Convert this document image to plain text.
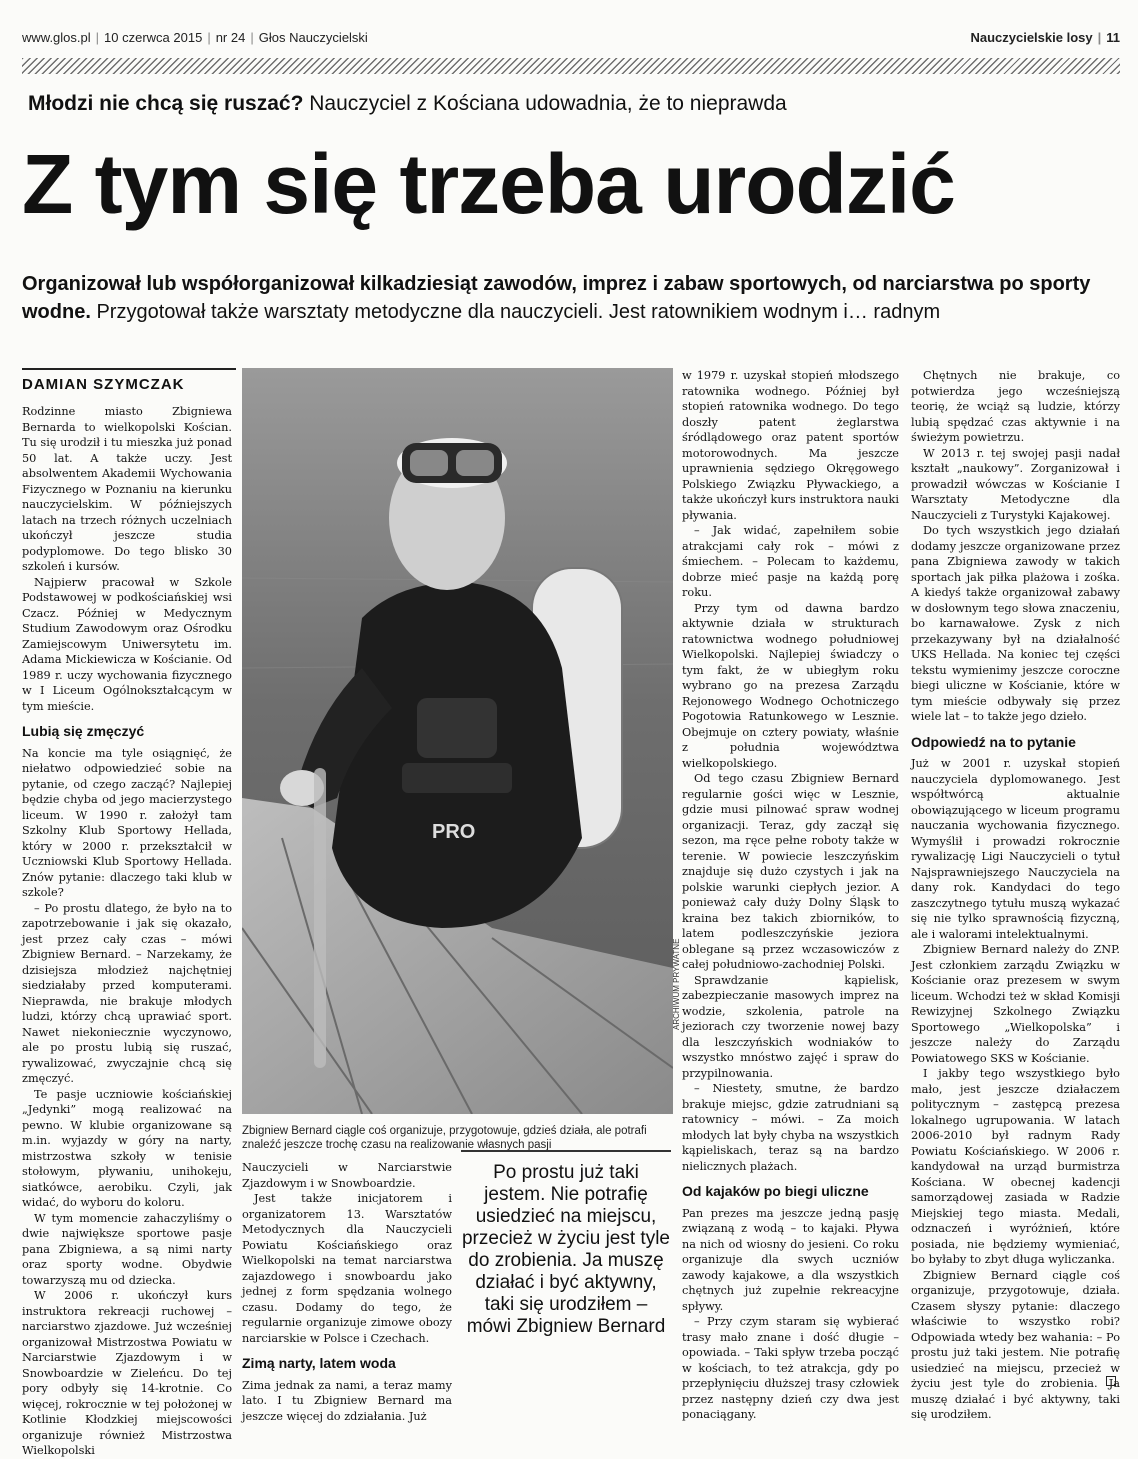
www.glos.pl | 10 czerwca 2015 | nr 24 | Głos Nauczycielski	Nauczycielskie losy | 11
Młodzi nie chcą się ruszać? Nauczyciel z Kościana udowadnia, że to nieprawda
Z tym się trzeba urodzić
Organizował lub współorganizował kilkadziesiąt zawodów, imprez i zabaw sportowych, od narciarstwa po sporty wodne. Przygotował także warsztaty metodyczne dla nauczycieli. Jest ratownikiem wodnym i… radnym
DAMIAN SZYMCZAK

Rodzinne miasto Zbigniewa Bernarda to wielkopolski Kościan. Tu się urodził i tu mieszka już ponad 50 lat. A także uczy. Jest absolwentem Akademii Wychowania Fizycznego w Poznaniu na kierunku nauczycielskim. W późniejszych latach na trzech różnych uczelniach ukończył jeszcze studia podyplomowe. Do tego blisko 30 szkoleń i kursów.

Najpierw pracował w Szkole Podstawowej w podkościańskiej wsi Czacz. Później w Medycznym Studium Zawodowym oraz Ośrodku Zamiejscowym Uniwersytetu im. Adama Mickiewicza w Kościanie. Od 1989 r. uczy wychowania fizycznego w I Liceum Ogólnokształcącym w tym mieście.

Lubią się zmęczyć

Na koncie ma tyle osiągnięć, że niełatwo odpowiedzieć sobie na pytanie, od czego zacząć? Najlepiej będzie chyba od jego macierzystego liceum. W 1990 r. założył tam Szkolny Klub Sportowy Hellada, który w 2000 r. przekształcił w Uczniowski Klub Sportowy Hellada. Znów pytanie: dlaczego taki klub w szkole?

– Po prostu dlatego, że było na to zapotrzebowanie i jak się okazało, jest przez cały czas – mówi Zbigniew Bernard. – Narzekamy, że dzisiejsza młodzież najchętniej siedziałaby przed komputerami. Nieprawda, nie brakuje młodych ludzi, którzy chcą uprawiać sport. Nawet niekoniecznie wyczynowo, ale po prostu lubią się ruszać, rywalizować, zwyczajnie chcą się zmęczyć.

Te pasje uczniowie kościańskiej „Jedynki” mogą realizować na pewno. W klubie organizowane są m.in. wyjazdy w góry na narty, mistrzostwa szkoły w tenisie stołowym, pływaniu, unihokeju, siatkówce, aerobiku. Czyli, jak widać, do wyboru do koloru.

W tym momencie zahaczyliśmy o dwie największe sportowe pasje pana Zbigniewa, a są nimi narty oraz sporty wodne. Obydwie towarzyszą mu od dziecka.

W 2006 r. ukończył kurs instruktora rekreacji ruchowej – narciarstwo zjazdowe. Już wcześniej organizował Mistrzostwa Powiatu w Narciarstwie Zjazdowym i w Snowboardzie w Zieleńcu. Do tej pory odbyły się 14-krotnie. Co więcej, rokrocznie w tej położonej w Kotlinie Kłodzkiej miejscowości organizuje również Mistrzostwa Wielkopolski

PRO
ARCHIWUM PRYWATNE
Zbigniew Bernard ciągle coś organizuje, przygotowuje, gdzieś działa, ale potrafi znaleźć jeszcze trochę czasu na realizowanie własnych pasji

Nauczycieli w Narciarstwie Zjazdowym i w Snowboardzie.

Jest także inicjatorem i organizatorem 13. Warsztatów Metodycznych dla Nauczycieli Powiatu Kościańskiego oraz Wielkopolski na temat narciarstwa zajazdowego i snowboardu jako jednej z form spędzania wolnego czasu. Dodamy do tego, że regularnie organizuje zimowe obozy narciarskie w Polsce i Czechach.

Zimą narty, latem woda

Zima jednak za nami, a teraz mamy lato. I tu Zbigniew Bernard ma jeszcze więcej do zdziałania. Już

Po prostu już taki jestem. Nie potrafię usiedzieć na miejscu, przecież w życiu jest tyle do zrobienia. Ja muszę działać i być aktywny, taki się urodziłem – mówi Zbigniew Bernard

w 1979 r. uzyskał stopień młodszego ratownika wodnego. Później był stopień ratownika wodnego. Do tego doszły patent żeglarstwa śródlądowego oraz patent sportów motorowodnych. Ma jeszcze uprawnienia sędziego Okręgowego Polskiego Związku Pływackiego, a także ukończył kurs instruktora nauki pływania.

– Jak widać, zapełniłem sobie atrakcjami cały rok – mówi z śmiechem. – Polecam to każdemu, dobrze mieć pasje na każdą porę roku.

Przy tym od dawna bardzo aktywnie działa w strukturach ratownictwa wodnego południowej Wielkopolski. Najlepiej świadczy o tym fakt, że w ubiegłym roku wybrano go na prezesa Zarządu Rejonowego Wodnego Ochotniczego Pogotowia Ratunkowego w Lesznie. Obejmuje on cztery powiaty, właśnie z południa województwa wielkopolskiego.

Od tego czasu Zbigniew Bernard regularnie gości więc w Lesznie, gdzie musi pilnować spraw wodnej organizacji. Teraz, gdy zaczął się sezon, ma ręce pełne roboty także w terenie. W powiecie leszczyńskim znajduje się dużo czystych i jak na polskie warunki ciepłych jezior. A ponieważ cały duży Dolny Śląsk to kraina bez takich zbiorników, to latem podleszczyńskie jeziora oblegane są przez wczasowiczów z całej południowo-zachodniej Polski.

Sprawdzanie kąpielisk, zabezpieczanie masowych imprez na wodzie, szkolenia, patrole na jeziorach czy tworzenie nowej bazy dla leszczyńskich wodniaków to wszystko mnóstwo zajęć i spraw do przypilnowania.

– Niestety, smutne, że bardzo brakuje miejsc, gdzie zatrudniani są ratownicy – mówi. – Za moich młodych lat były chyba na wszystkich kąpieliskach, teraz są na bardzo nielicznych plażach.

Od kajaków po biegi uliczne

Pan prezes ma jeszcze jedną pasję związaną z wodą – to kajaki. Pływa na nich od wiosny do jesieni. Co roku organizuje dla swych uczniów zawody kajakowe, a dla wszystkich chętnych już zupełnie rekreacyjne spływy.

– Przy czym staram się wybierać trasy mało znane i dość długie – opowiada. – Taki spływ trzeba począć w kościach, to też atrakcja, gdy po przepłynięciu dłuższej trasy człowiek przez następny dzień czy dwa jest ponaciągany.

Chętnych nie brakuje, co potwierdza jego wcześniejszą teorię, że wciąż są ludzie, którzy lubią spędzać czas aktywnie i na świeżym powietrzu.

W 2013 r. tej swojej pasji nadał kształt „naukowy”. Zorganizował i prowadził wówczas w Kościanie I Warsztaty Metodyczne dla Nauczycieli z Turystyki Kajakowej.

Do tych wszystkich jego działań dodamy jeszcze organizowane przez pana Zbigniewa zawody w takich sportach jak piłka plażowa i zośka. A kiedyś także organizował zabawy w dosłownym tego słowa znaczeniu, bo karnawałowe. Zysk z nich przekazywany był na działalność UKS Hellada. Na koniec tej części tekstu wymienimy jeszcze coroczne biegi uliczne w Kościanie, które w tym mieście odbywały się przez wiele lat – to także jego dzieło.

Odpowiedź na to pytanie

Już w 2001 r. uzyskał stopień nauczyciela dyplomowanego. Jest współtwórcą aktualnie obowiązującego w liceum programu nauczania wychowania fizycznego. Wymyślił i prowadzi rokrocznie rywalizację Ligi Nauczycieli o tytuł Najsprawniejszego Nauczyciela na dany rok. Kandydaci do tego zaszczytnego tytułu muszą wykazać się nie tylko sprawnością fizyczną, ale i walorami intelektualnymi.

Zbigniew Bernard należy do ZNP. Jest członkiem zarządu Związku w Kościanie oraz prezesem w swym liceum. Wchodzi też w skład Komisji Rewizyjnej Szkolnego Związku Sportowego „Wielkopolska” i jeszcze należy do Zarządu Powiatowego SKS w Kościanie.

I jakby tego wszystkiego było mało, jest jeszcze działaczem politycznym – zastępcą prezesa lokalnego ugrupowania. W latach 2006-2010 był radnym Rady Powiatu Kościańskiego. W 2006 r. kandydował na urząd burmistrza Kościana. W obecnej kadencji samorządowej zasiada w Radzie Miejskiej tego miasta. Medali, odznaczeń i wyróżnień, które posiada, nie będziemy wymieniać, bo byłaby to zbyt długa wyliczanka.

Zbigniew Bernard ciągle coś organizuje, przygotowuje, działa. Czasem słyszy pytanie: dlaczego właściwie to wszystko robi? Odpowiada wtedy bez wahania: – Po prostu już taki jestem. Nie potrafię usiedzieć na miejscu, przecież w życiu jest tyle do zrobienia. Ja muszę działać i być aktywny, taki się urodziłem.
